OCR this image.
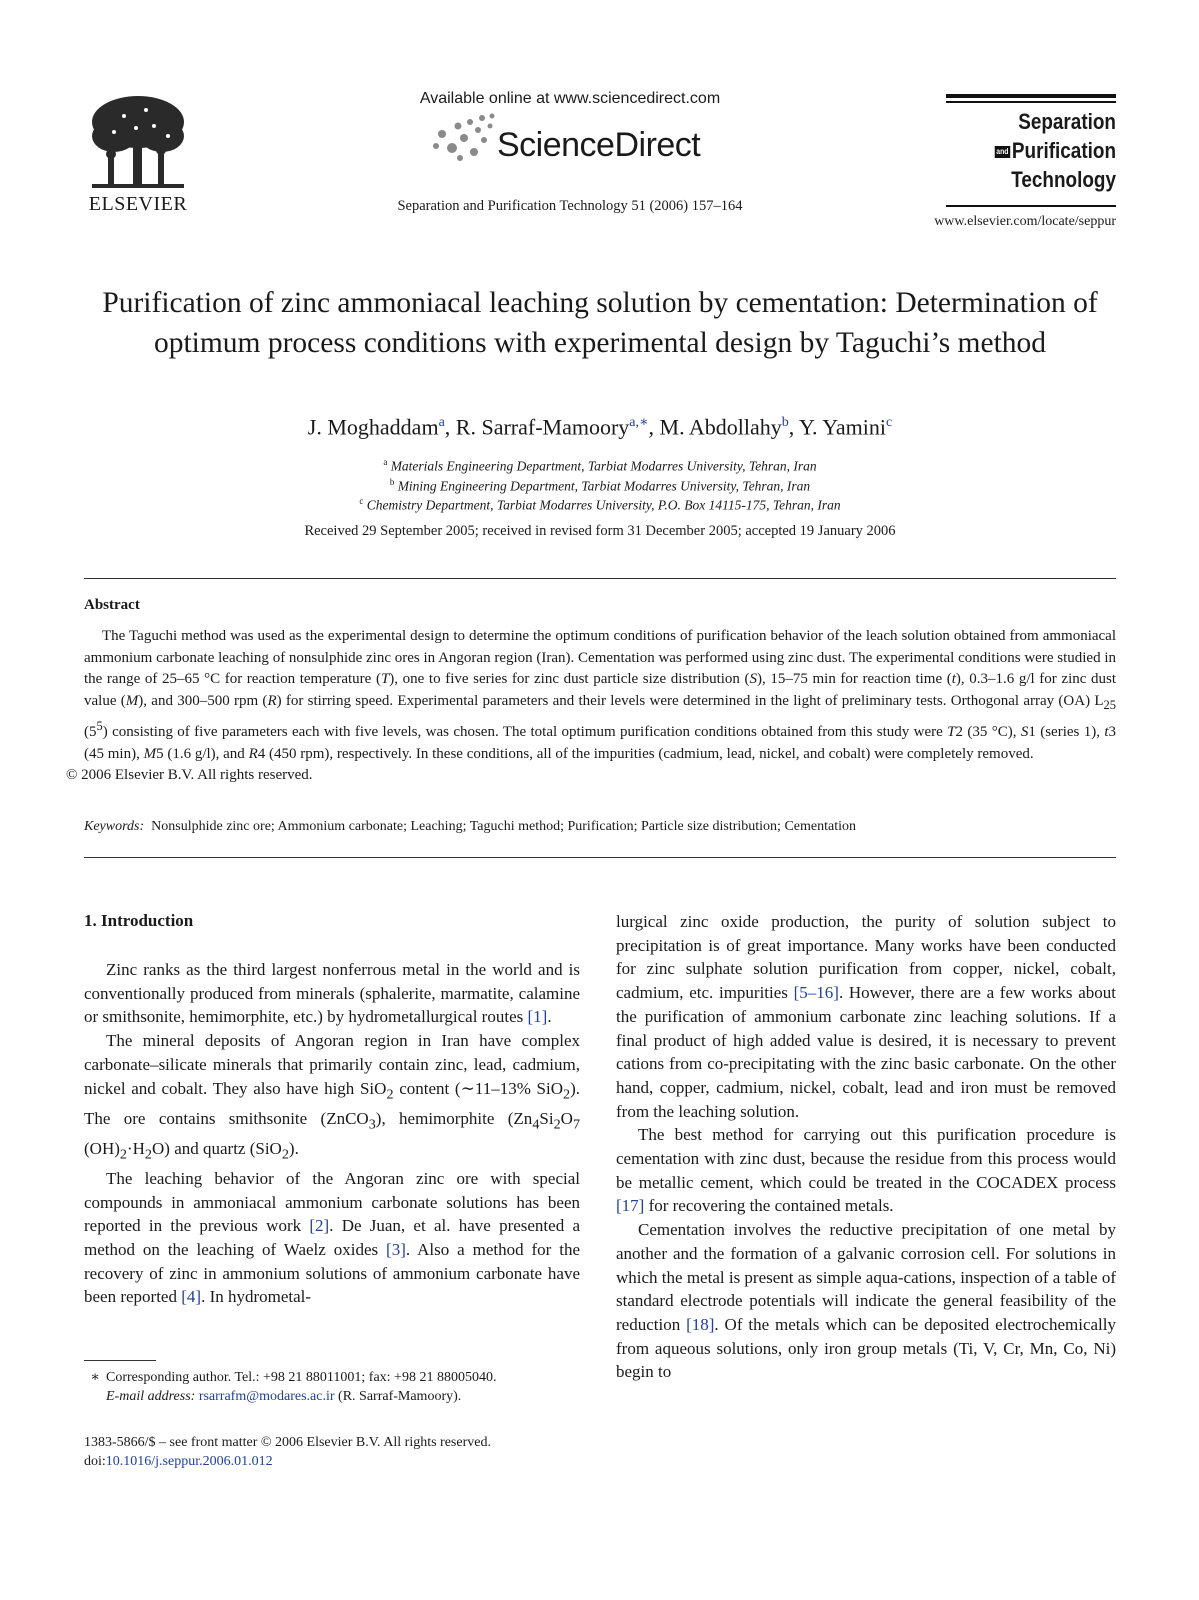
ELSEVIER
Available online at www.sciencedirect.com
ScienceDirect
Separation and Purification Technology 51 (2006) 157–164
Separation
and Purification
Technology
www.elsevier.com/locate/seppur
Purification of zinc ammoniacal leaching solution by cementation: Determination of optimum process conditions with experimental design by Taguchi’s method
J. Moghaddam$^a$, R. Sarraf-Mamoory$^{a,∗}$, M. Abdollahy$^b$, Y. Yamini$^c$
$^a$ Materials Engineering Department, Tarbiat Modarres University, Tehran, Iran
$^b$ Mining Engineering Department, Tarbiat Modarres University, Tehran, Iran
$^c$ Chemistry Department, Tarbiat Modarres University, P.O. Box 14115-175, Tehran, Iran
Received 29 September 2005; received in revised form 31 December 2005; accepted 19 January 2006
Abstract
The Taguchi method was used as the experimental design to determine the optimum conditions of purification behavior of the leach solution obtained from ammoniacal ammonium carbonate leaching of nonsulphide zinc ores in Angoran region (Iran). Cementation was performed using zinc dust. The experimental conditions were studied in the range of 25–65 °C for reaction temperature (T), one to five series for zinc dust particle size distribution (S), 15–75 min for reaction time (t), 0.3–1.6 g/l for zinc dust value (M), and 300–500 rpm (R) for stirring speed. Experimental parameters and their levels were determined in the light of preliminary tests. Orthogonal array (OA) $L_{25}$ $(5^5)$ consisting of five parameters each with five levels, was chosen. The total optimum purification conditions obtained from this study were T2 (35 °C), S1 (series 1), t3 (45 min), M5 (1.6 g/l), and R4 (450 rpm), respectively. In these conditions, all of the impurities (cadmium, lead, nickel, and cobalt) were completely removed.
© 2006 Elsevier B.V. All rights reserved.
Keywords: Nonsulphide zinc ore; Ammonium carbonate; Leaching; Taguchi method; Purification; Particle size distribution; Cementation
1. Introduction

Zinc ranks as the third largest nonferrous metal in the world and is conventionally produced from minerals (sphalerite, marmatite, calamine or smithsonite, hemimorphite, etc.) by hydrometallurgical routes [1].

The mineral deposits of Angoran region in Iran have complex carbonate–silicate minerals that primarily contain zinc, lead, cadmium, nickel and cobalt. They also have high SiO$_2$ content (∼11–13% SiO$_2$). The ore contains smithsonite (ZnCO$_3$), hemimorphite ($Zn_4Si_2O_7$ $(OH)_2\cdot H_2O$) and quartz (SiO$_2$).

The leaching behavior of the Angoran zinc ore with special compounds in ammoniacal ammonium carbonate solutions has been reported in the previous work [2]. De Juan, et al. have presented a method on the leaching of Waelz oxides [3]. Also a method for the recovery of zinc in ammonium solutions of ammonium carbonate have been reported [4]. In hydrometal-

lurgical zinc oxide production, the purity of solution subject to precipitation is of great importance. Many works have been conducted for zinc sulphate solution purification from copper, nickel, cobalt, cadmium, etc. impurities [5–16]. However, there are a few works about the purification of ammonium carbonate zinc leaching solutions. If a final product of high added value is desired, it is necessary to prevent cations from co-precipitating with the zinc basic carbonate. On the other hand, copper, cadmium, nickel, cobalt, lead and iron must be removed from the leaching solution.

The best method for carrying out this purification procedure is cementation with zinc dust, because the residue from this process would be metallic cement, which could be treated in the COCADEX process [17] for recovering the contained metals.

Cementation involves the reductive precipitation of one metal by another and the formation of a galvanic corrosion cell. For solutions in which the metal is present as simple aqua-cations, inspection of a table of standard electrode potentials will indicate the general feasibility of the reduction [18]. Of the metals which can be deposited electrochemically from aqueous solutions, only iron group metals (Ti, V, Cr, Mn, Co, Ni) begin to

∗ Corresponding author. Tel.: +98 21 88011001; fax: +98 21 88005040.
E-mail address: rsarrafm@modares.ac.ir (R. Sarraf-Mamoory).
1383-5866/$ – see front matter © 2006 Elsevier B.V. All rights reserved.
doi:10.1016/j.seppur.2006.01.012
